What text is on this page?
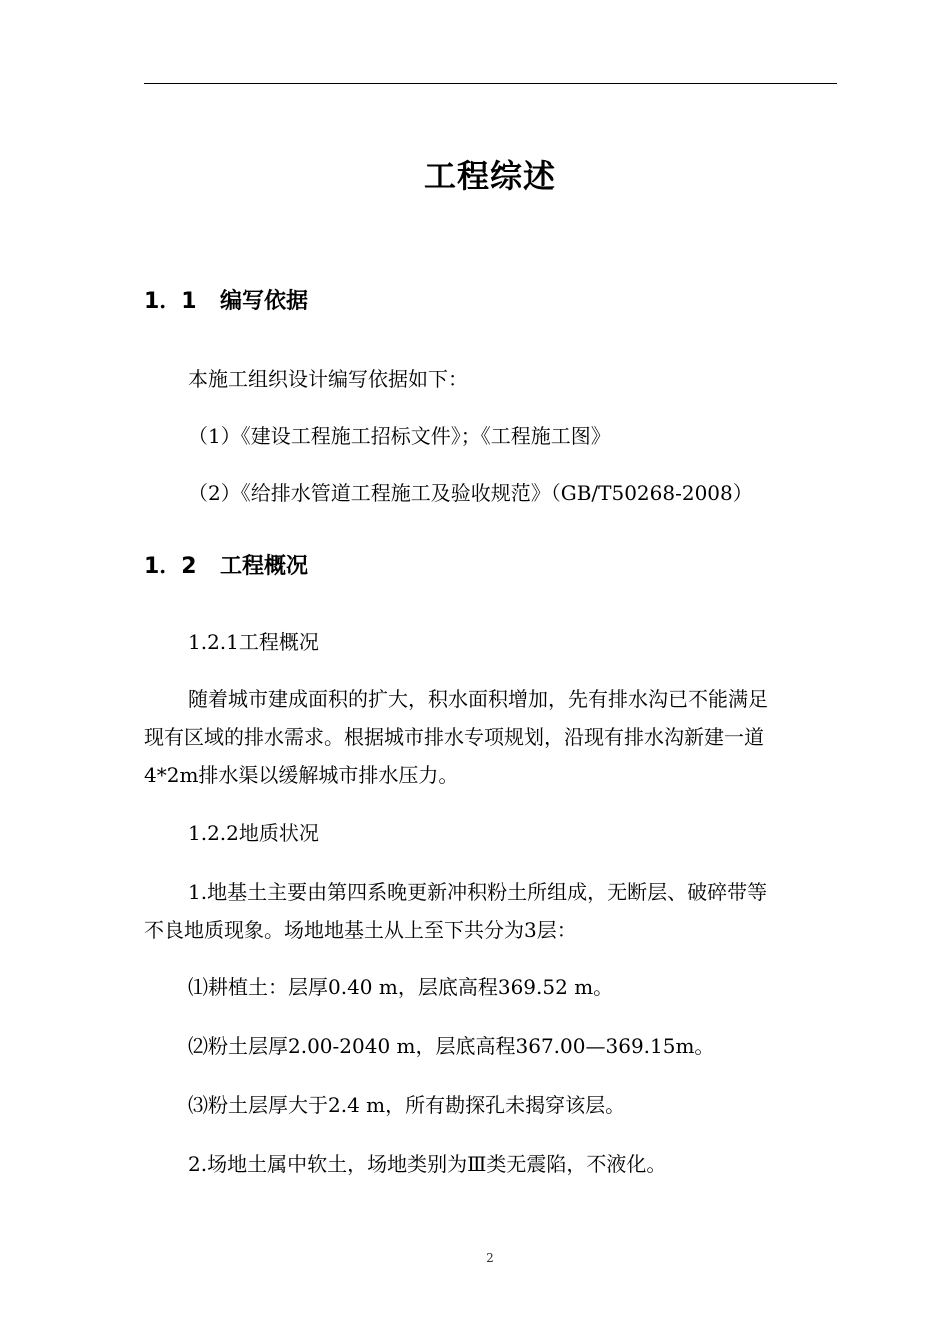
工程综述
1．1 编写依据
本施工组织设计编写依据如下：
（1）《建设工程施工招标文件》；《工程施工图》
（2）《给排水管道工程施工及验收规范》（GB/T50268-2008）
1．2 工程概况
1.2.1工程概况
随着城市建成面积的扩大，积水面积增加，先有排水沟已不能满足
现有区域的排水需求。根据城市排水专项规划，沿现有排水沟新建一道
4*2m排水渠以缓解城市排水压力。
1.2.2地质状况
1.地基土主要由第四系晚更新冲积粉土所组成，无断层、破碎带等
不良地质现象。场地地基土从上至下共分为3层：
⑴耕植土：层厚0.40 m，层底高程369.52 m。
⑵粉土层厚2.00-2040 m，层底高程367.00—369.15m。
⑶粉土层厚大于2.4 m，所有勘探孔未揭穿该层。
2.场地土属中软土，场地类别为Ⅲ类无震陷，不液化。
2
